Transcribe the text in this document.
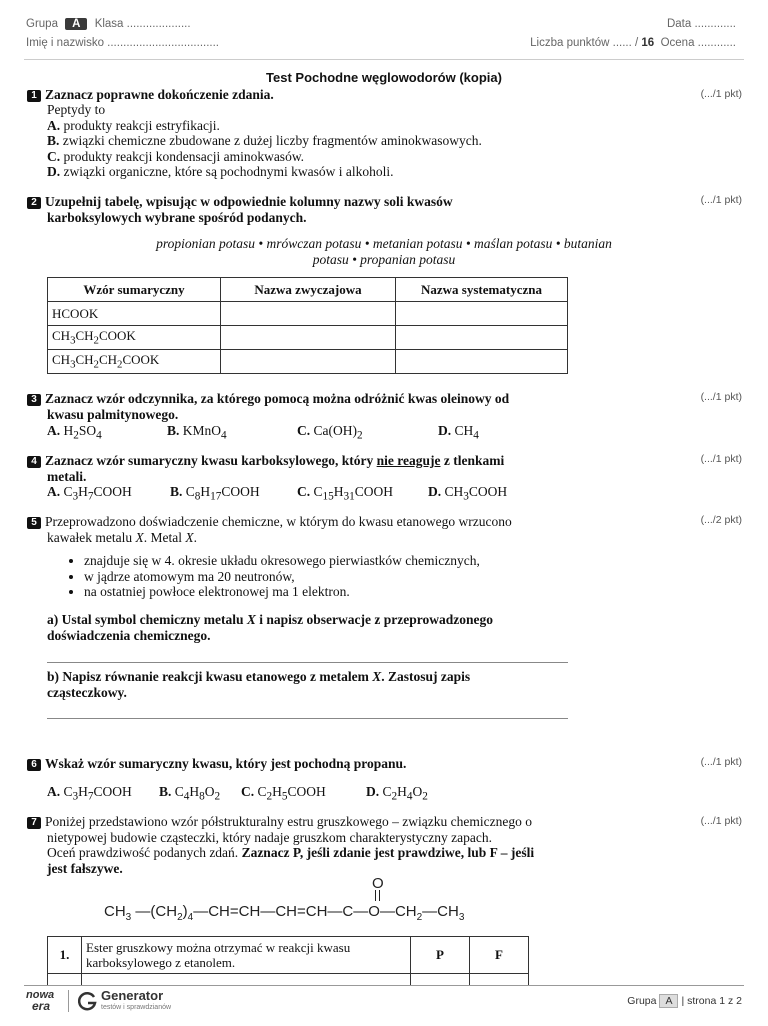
Grupa A Klasa ....................	Data .............
Imię i nazwisko ...................................	Liczba punktów ...... / 16 Ocena ............
Test Pochodne węglowodorów (kopia)
1 Zaznacz poprawne dokończenie zdania.	(.../1 pkt)
Peptydy to
A. produkty reakcji estryfikacji.
B. związki chemiczne zbudowane z dużej liczby fragmentów aminokwasowych.
C. produkty reakcji kondensacji aminokwasów.
D. związki organiczne, które są pochodnymi kwasów i alkoholi.
2 Uzupełnij tabelę, wpisując w odpowiednie kolumny nazwy soli kwasów
karboksylowych wybrane spośród podanych.
(.../1 pkt)
propionian potasu • mrówczan potasu • metanian potasu • maślan potasu • butanian
potasu • propanian potasu
Wzór sumaryczny	Nazwa zwyczajowa	Nazwa systematyczna
HCOOK		
$CH_3CH_2COOK$		
$CH_3CH_2CH_2COOK$		
3 Zaznacz wzór odczynnika, za którego pomocą można odróżnić kwas oleinowy od
kwasu palmitynowego.
(.../1 pkt)
A. $H_2SO_4$	B. KMnO$_4$	C. $Ca(OH)_2$	D. $CH_4$
4 Zaznacz wzór sumaryczny kwasu karboksylowego, który nie reaguje z tlenkami
metali.
(.../1 pkt)
A. $C_3H_7COOH$	B. $C_8H_{17}COOH$	C. $C_{15}H_{31}COOH$	D. $CH_3COOH$
5 Przeprowadzono doświadczenie chemiczne, w którym do kwasu etanowego wrzucono
kawałek metalu X. Metal X.
(.../2 pkt)
• znajduje się w 4. okresie układu okresowego pierwiastków chemicznych,
• w jądrze atomowym ma 20 neutronów,
• na ostatniej powłoce elektronowej ma 1 elektron.
a) Ustal symbol chemiczny metalu X i napisz obserwacje z przeprowadzonego
doświadczenia chemicznego.
b) Napisz równanie reakcji kwasu etanowego z metalem X. Zastosuj zapis
cząsteczkowy.
6 Wskaż wzór sumaryczny kwasu, który jest pochodną propanu.	(.../1 pkt)
A. $C_3H_7COOH$ B. $C_4H_8O_2$ C. $C_2H_5COOH$	D. $C_2H_4O_2$
7 Poniżej przedstawiono wzór półstrukturalny estru gruszkowego – związku chemicznego o
nietypowej budowie cząsteczki, który nadaje gruszkom charakterystyczny zapach.
Oceń prawdziwość podanych zdań. Zaznacz P, jeśli zdanie jest prawdziwe, lub F – jeśli
jest fałszywe.
(.../1 pkt)
O
$CH_3$ $—(CH_2)_4—CH=CH—CH=CH—C—O—CH_2—CH_3$
1.	Ester gruszkowy można otrzymać w reakcji kwasu
karboksylowego z etanolem.	P	F

nowa
era
Generator
testów i sprawdzianów
Grupa A | strona 1 z 2
